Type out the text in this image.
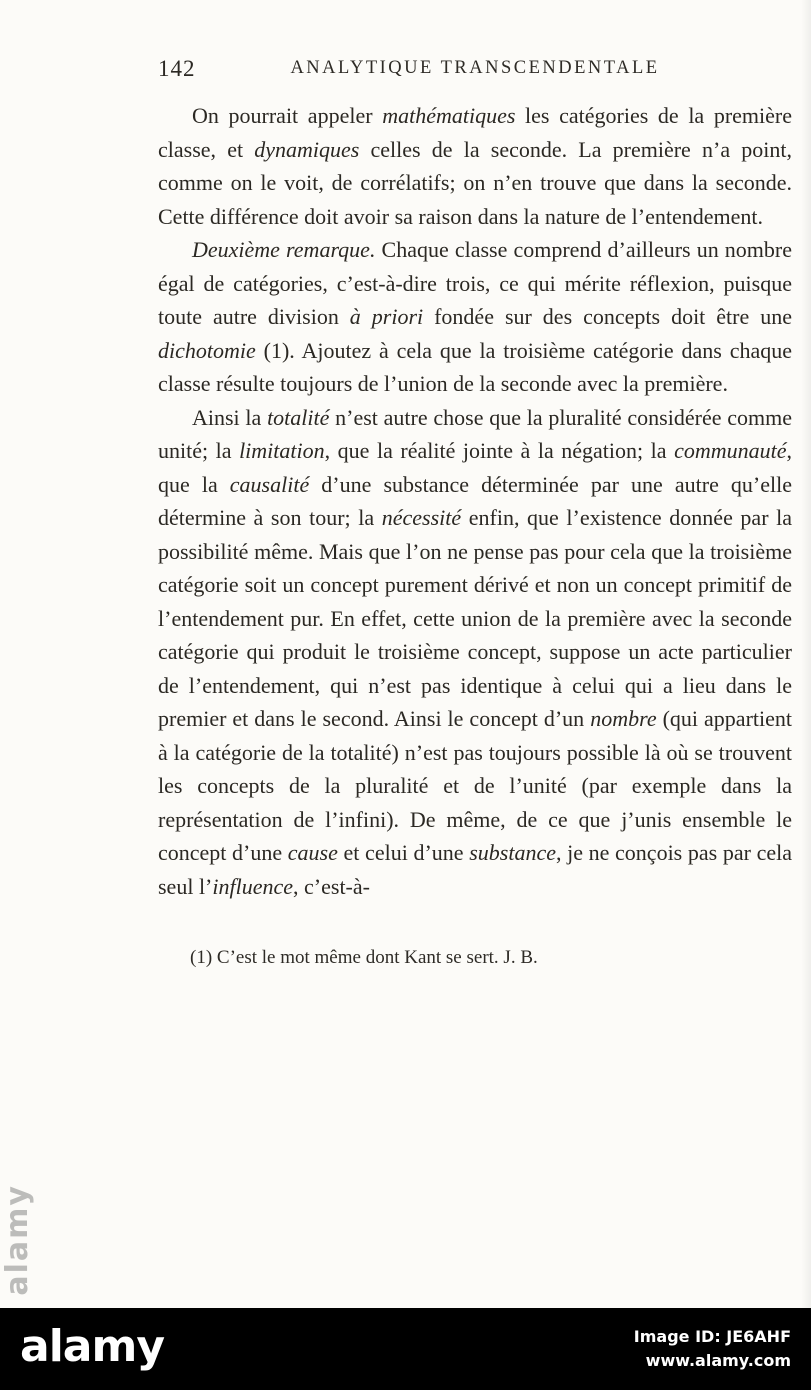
ANALYTIQUE TRANSCENDENTALE
142

On pourrait appeler mathématiques les catégories de la première classe, et dynamiques celles de la seconde. La première n’a point, comme on le voit, de corrélatifs; on n’en trouve que dans la seconde. Cette différence doit avoir sa raison dans la nature de l’entendement.

Deuxième remarque. Chaque classe comprend d’ailleurs un nombre égal de catégories, c’est-à-dire trois, ce qui mérite réflexion, puisque toute autre division à priori fondée sur des concepts doit être une dichotomie (1). Ajoutez à cela que la troisième catégorie dans chaque classe résulte toujours de l’union de la seconde avec la première.

Ainsi la totalité n’est autre chose que la pluralité considérée comme unité; la limitation, que la réalité jointe à la négation; la communauté, que la causalité d’une substance déterminée par une autre qu’elle détermine à son tour; la nécessité enfin, que l’existence donnée par la possibilité même. Mais que l’on ne pense pas pour cela que la troisième catégorie soit un concept purement dérivé et non un concept primitif de l’entendement pur. En effet, cette union de la première avec la seconde catégorie qui produit le troisième concept, suppose un acte particulier de l’entendement, qui n’est pas identique à celui qui a lieu dans le premier et dans le second. Ainsi le concept d’un nombre (qui appartient à la catégorie de la totalité) n’est pas toujours possible là où se trouvent les concepts de la pluralité et de l’unité (par exemple dans la représentation de l’infini). De même, de ce que j’unis ensemble le concept d’une cause et celui d’une substance, je ne conçois pas par cela seul l’influence, c’est-à-

(1) C’est le mot même dont Kant se sert. J. B.
alamy
alamy	Image ID: JE6AHF
www.alamy.com
